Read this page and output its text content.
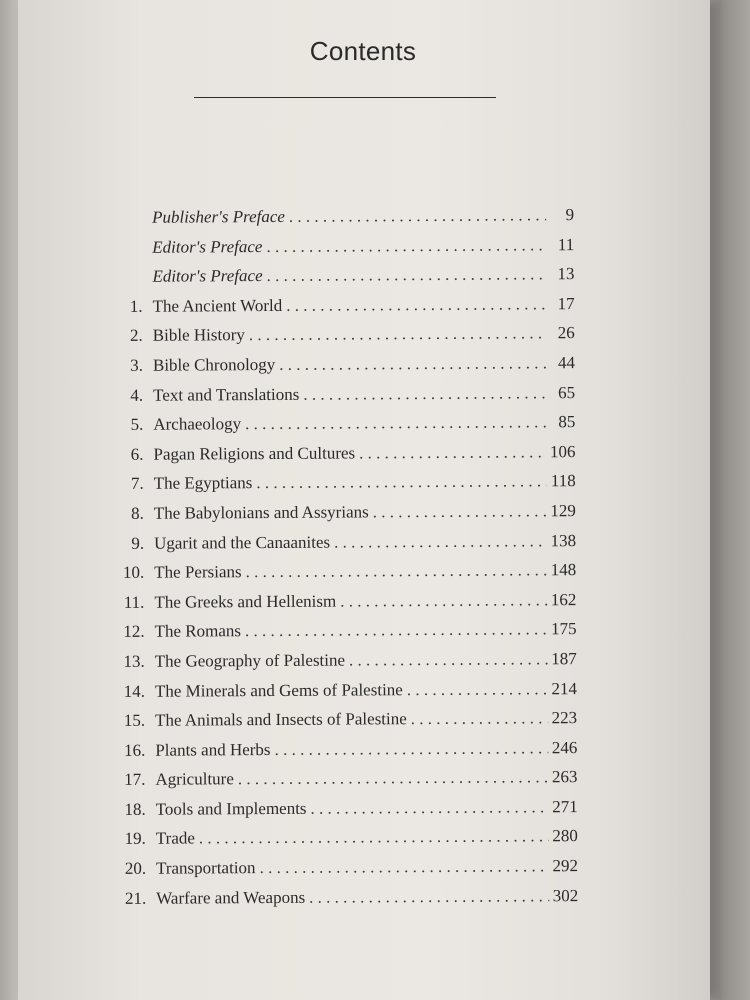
Contents
Publisher's Preface . . .	9
Editor's Preface . . .	11
Editor's Preface . . .	13
1. The Ancient World . . .	17
2. Bible History . . .	26
3. Bible Chronology . . .	44
4. Text and Translations . . .	65
5. Archaeology . . .	85
6. Pagan Religions and Cultures . . .	106
7. The Egyptians . . .	118
8. The Babylonians and Assyrians . . .	129
9. Ugarit and the Canaanites . . .	138
10. The Persians . . .	148
11. The Greeks and Hellenism . . .	162
12. The Romans . . .	175
13. The Geography of Palestine . . .	187
14. The Minerals and Gems of Palestine . . .	214
15. The Animals and Insects of Palestine . . .	223
16. Plants and Herbs . . .	246
17. Agriculture . . .	263
18. Tools and Implements . . .	271
19. Trade . . .	280
20. Transportation . . .	292
21. Warfare and Weapons . . .	302
